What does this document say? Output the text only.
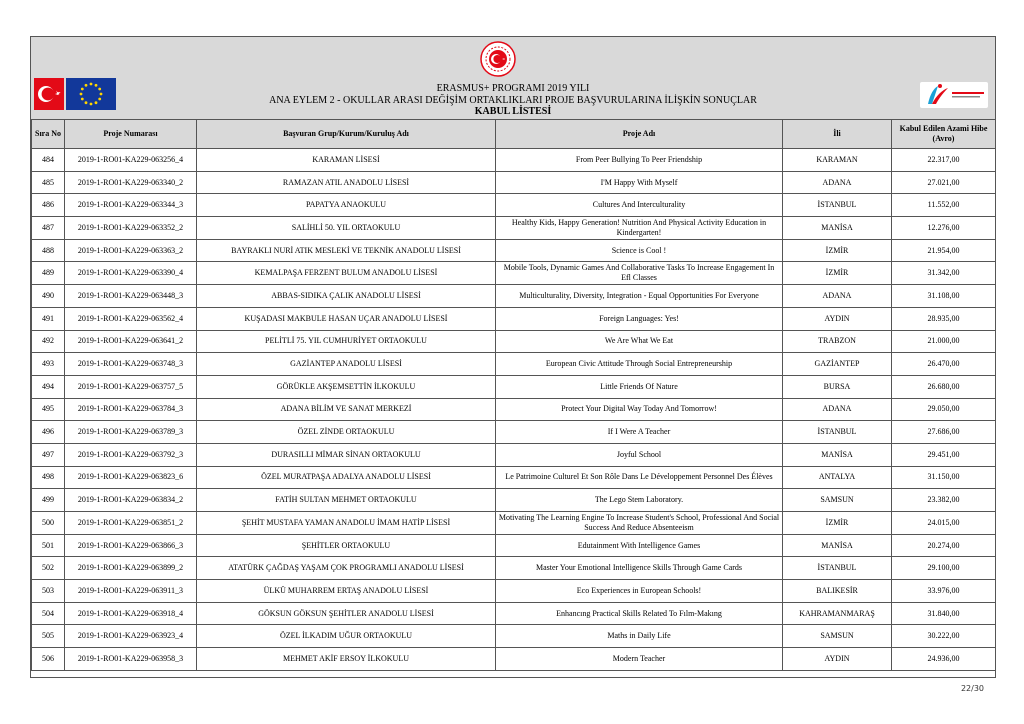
ERASMUS+ PROGRAMI 2019 YILI
ANA EYLEM 2 - OKULLAR ARASI DEĞİŞİM ORTAKLIKLARI PROJE BAŞVURULARINA İLİŞKİN SONUÇLAR
KABUL LİSTESİ
Sıra No	Proje Numarası	Başvuran Grup/Kurum/Kuruluş Adı	Proje Adı	İli	Kabul Edilen Azami Hibe (Avro)
484	2019-1-RO01-KA229-063256_4	KARAMAN LİSESİ	From Peer Bullying To Peer Friendship	KARAMAN	22.317,00
485	2019-1-RO01-KA229-063340_2	RAMAZAN ATIL ANADOLU LİSESİ	I'M Happy With Myself	ADANA	27.021,00
486	2019-1-RO01-KA229-063344_3	PAPATYA ANAOKULU	Cultures And Interculturality	İSTANBUL	11.552,00
487	2019-1-RO01-KA229-063352_2	SALİHLİ 50. YIL ORTAOKULU	Healthy Kids, Happy Generation! Nutrition And Physical Activity Education in Kindergarten!	MANİSA	12.276,00
488	2019-1-RO01-KA229-063363_2	BAYRAKLI NURİ ATIK MESLEKİ VE TEKNİK ANADOLU LİSESİ	Science is Cool !	İZMİR	21.954,00
489	2019-1-RO01-KA229-063390_4	KEMALPAŞA FERZENT BULUM ANADOLU LİSESİ	Mobile Tools, Dynamic Games And Collaborative Tasks To Increase Engagement In Efl Classes	İZMİR	31.342,00
490	2019-1-RO01-KA229-063448_3	ABBAS-SIDIKA ÇALIK ANADOLU LİSESİ	Multiculturality, Diversity, Integration - Equal Opportunities For Everyone	ADANA	31.108,00
491	2019-1-RO01-KA229-063562_4	KUŞADASI MAKBULE HASAN UÇAR ANADOLU LİSESİ	Foreign Languages: Yes!	AYDIN	28.935,00
492	2019-1-RO01-KA229-063641_2	PELİTLİ 75. YIL CUMHURİYET ORTAOKULU	We Are What We Eat	TRABZON	21.000,00
493	2019-1-RO01-KA229-063748_3	GAZİANTEP ANADOLU LİSESİ	European Civic Attitude Through Social Entrepreneurship	GAZİANTEP	26.470,00
494	2019-1-RO01-KA229-063757_5	GÖRÜKLE AKŞEMSETTİN İLKOKULU	Little Friends Of Nature	BURSA	26.680,00
495	2019-1-RO01-KA229-063784_3	ADANA BİLİM VE SANAT MERKEZİ	Protect Your Digital Way Today And Tomorrow!	ADANA	29.050,00
496	2019-1-RO01-KA229-063789_3	ÖZEL ZİNDE ORTAOKULU	If I Were A Teacher	İSTANBUL	27.686,00
497	2019-1-RO01-KA229-063792_3	DURASILLI MİMAR SİNAN ORTAOKULU	Joyful School	MANİSA	29.451,00
498	2019-1-RO01-KA229-063823_6	ÖZEL MURATPAŞA ADALYA ANADOLU LİSESİ	Le Patrimoine Culturel Et Son Rôle Dans Le Développement Personnel Des Élèves	ANTALYA	31.150,00
499	2019-1-RO01-KA229-063834_2	FATİH SULTAN MEHMET ORTAOKULU	The Lego Stem Laboratory.	SAMSUN	23.382,00
500	2019-1-RO01-KA229-063851_2	ŞEHİT MUSTAFA YAMAN ANADOLU İMAM HATİP LİSESİ	Motivating The Learning Engine To Increase Student's School, Professional And Social Success And Reduce Absenteeism	İZMİR	24.015,00
501	2019-1-RO01-KA229-063866_3	ŞEHİTLER ORTAOKULU	Edutainment With Intelligence Games	MANİSA	20.274,00
502	2019-1-RO01-KA229-063899_2	ATATÜRK ÇAĞDAŞ YAŞAM ÇOK PROGRAMLI ANADOLU LİSESİ	Master Your Emotional Intelligence Skills Through Game Cards	İSTANBUL	29.100,00
503	2019-1-RO01-KA229-063911_3	ÜLKÜ MUHARREM ERTAŞ ANADOLU LİSESİ	Eco Experiences in European Schools!	BALIKESİR	33.976,00
504	2019-1-RO01-KA229-063918_4	GÖKSUN GÖKSUN ŞEHİTLER ANADOLU LİSESİ	Enhancıng Practical Skills Related To Fılm-Makıng	KAHRAMANMARAŞ	31.840,00
505	2019-1-RO01-KA229-063923_4	ÖZEL İLKADIM UĞUR ORTAOKULU	Maths in Daily Life	SAMSUN	30.222,00
506	2019-1-RO01-KA229-063958_3	MEHMET AKİF ERSOY İLKOKULU	Modern Teacher	AYDIN	24.936,00
22/30
